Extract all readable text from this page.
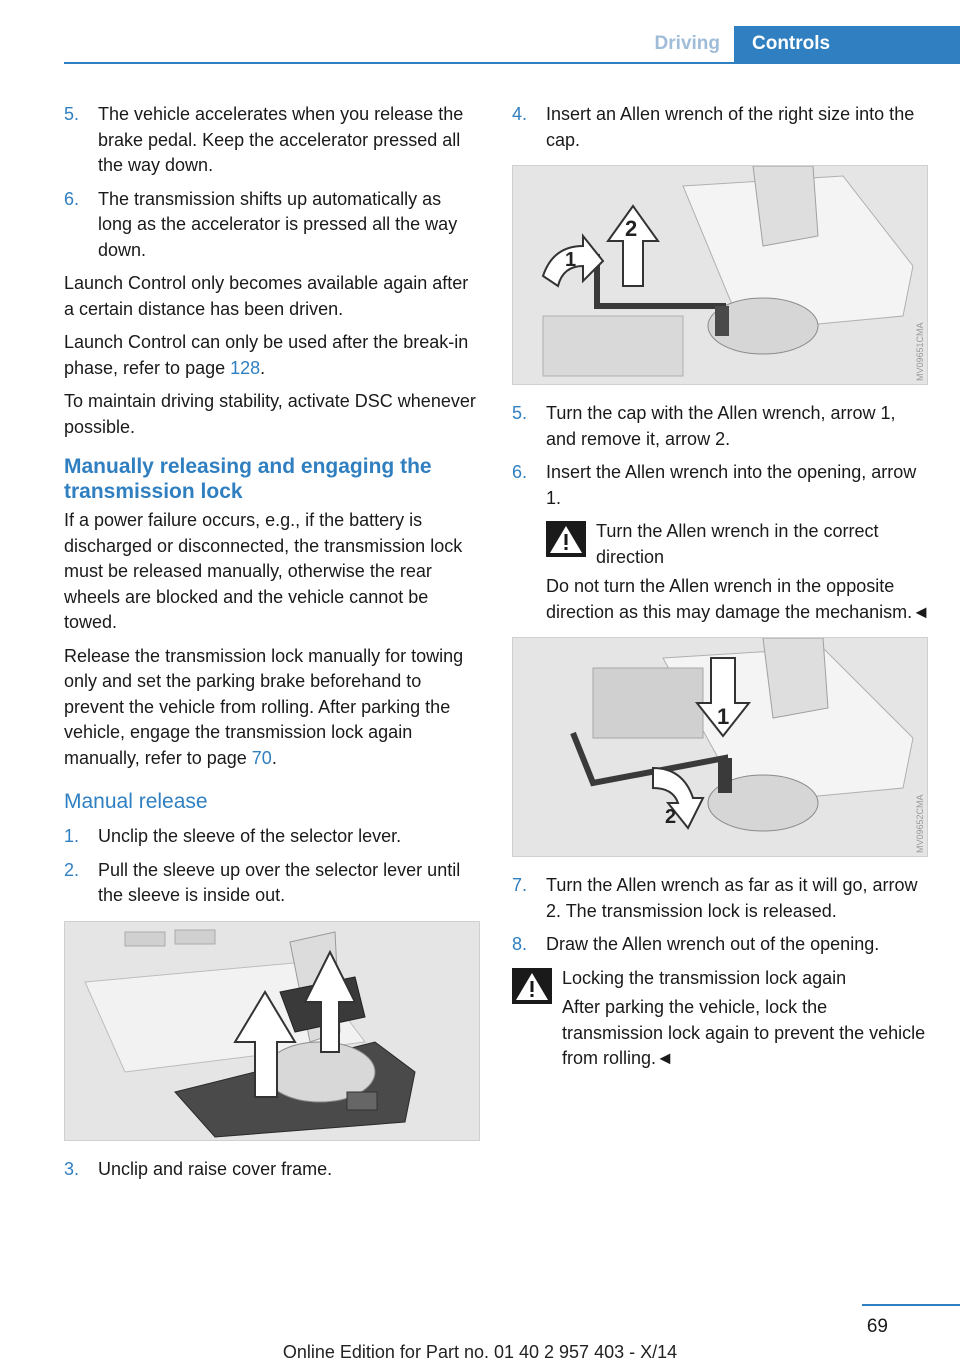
Driving	Controls
5. The vehicle accelerates when you release the brake pedal. Keep the accelerator pressed all the way down.
6. The transmission shifts up automatically as long as the accelerator is pressed all the way down.

Launch Control only becomes available again after a certain distance has been driven.

Launch Control can only be used after the break-in phase, refer to page 128.

To maintain driving stability, activate DSC whenever possible.

Manually releasing and engaging the transmission lock

If a power failure occurs, e.g., if the battery is discharged or disconnected, the transmission lock must be released manually, otherwise the rear wheels are blocked and the vehicle cannot be towed.

Release the transmission lock manually for towing only and set the parking brake beforehand to prevent the vehicle from rolling. After parking the vehicle, engage the transmission lock again manually, refer to page 70.

Manual release
1. Unclip the sleeve of the selector lever.
2. Pull the sleeve up over the selector lever until the sleeve is inside out.
3. Unclip and raise cover frame.
4. Insert an Allen wrench of the right size into the cap.
2
1
MV09651CMA
5. Turn the cap with the Allen wrench, arrow 1, and remove it, arrow 2.
6. Insert the Allen wrench into the opening, arrow 1.
Turn the Allen wrench in the correct direction

Do not turn the Allen wrench in the opposite direction as this may damage the mechanism.◄

1
2	MV09652CMA
7. Turn the Allen wrench as far as it will go, arrow 2. The transmission lock is released.
8. Draw the Allen wrench out of the opening.
Locking the transmission lock again

After parking the vehicle, lock the transmission lock again to prevent the vehicle from rolling.◄

69
Online Edition for Part no. 01 40 2 957 403 - X/14
